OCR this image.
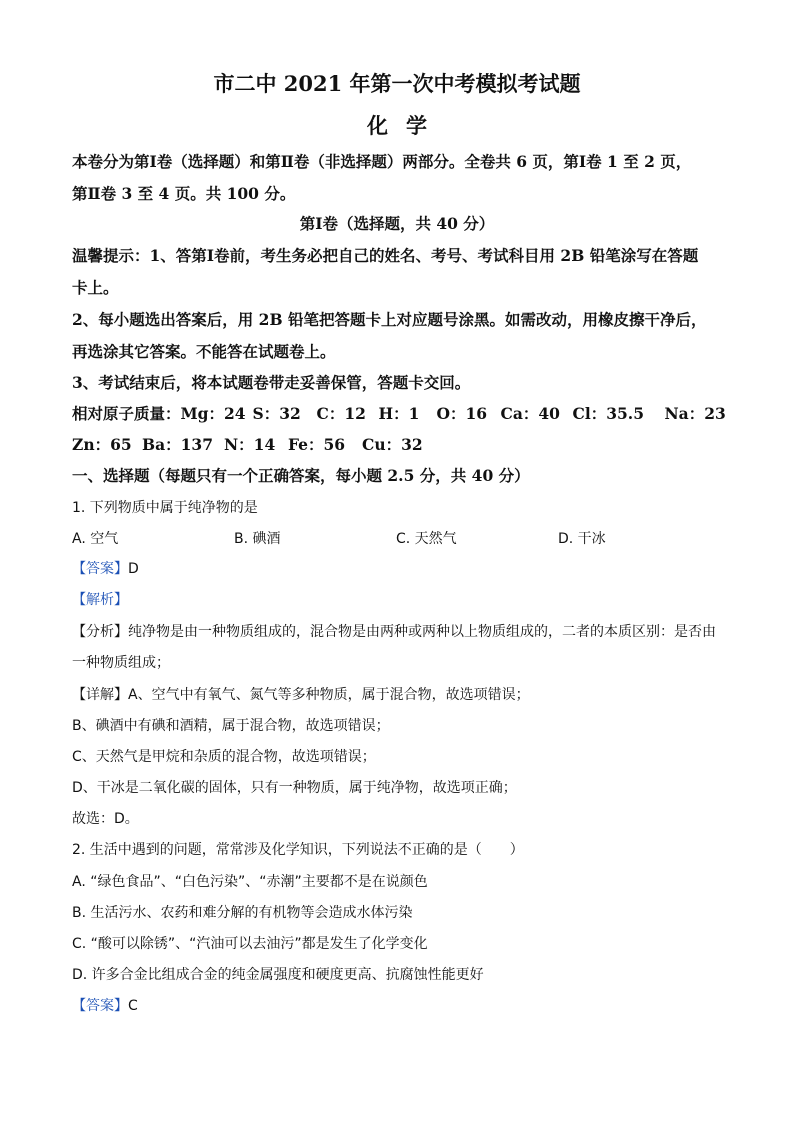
市二中 2021 年第一次中考模拟考试题
化学
本卷分为第Ⅰ卷（选择题）和第Ⅱ卷（非选择题）两部分。全卷共 6 页，第Ⅰ卷 1 至 2 页，
第Ⅱ卷 3 至 4 页。共 100 分。
第Ⅰ卷（选择题，共 40 分）
温馨提示：1、答第Ⅰ卷前，考生务必把自己的姓名、考号、考试科目用 2B 铅笔涂写在答题
卡上。
2、每小题选出答案后，用 2B 铅笔把答题卡上对应题号涂黑。如需改动，用橡皮擦干净后，
再选涂其它答案。不能答在试题卷上。
3、考试结束后，将本试题卷带走妥善保管，答题卡交回。
相对原子质量：Mg：24 S：32 C：12 H：1 O：16 Ca：40 Cl：35.5 Na：23
Zn：65 Ba：137 N：14 Fe：56 Cu：32
一、选择题（每题只有一个正确答案，每小题 2.5 分，共 40 分）
1. 下列物质中属于纯净物的是
A. 空气	B. 碘酒	C. 天然气	D. 干冰
【答案】D
【解析】
【分析】纯净物是由一种物质组成的，混合物是由两种或两种以上物质组成的，二者的本质区别：是否由
一种物质组成；
【详解】A、空气中有氧气、氮气等多种物质，属于混合物，故选项错误；
B、碘酒中有碘和酒精，属于混合物，故选项错误；
C、天然气是甲烷和杂质的混合物，故选项错误；
D、干冰是二氧化碳的固体，只有一种物质，属于纯净物，故选项正确；
故选：D。
2. 生活中遇到的问题，常常涉及化学知识，下列说法不正确的是（　　）
A. “绿色食品”、“白色污染”、“赤潮”主要都不是在说颜色
B. 生活污水、农药和难分解的有机物等会造成水体污染
C. “酸可以除锈”、“汽油可以去油污”都是发生了化学变化
D. 许多合金比组成合金的纯金属强度和硬度更高、抗腐蚀性能更好
【答案】C
